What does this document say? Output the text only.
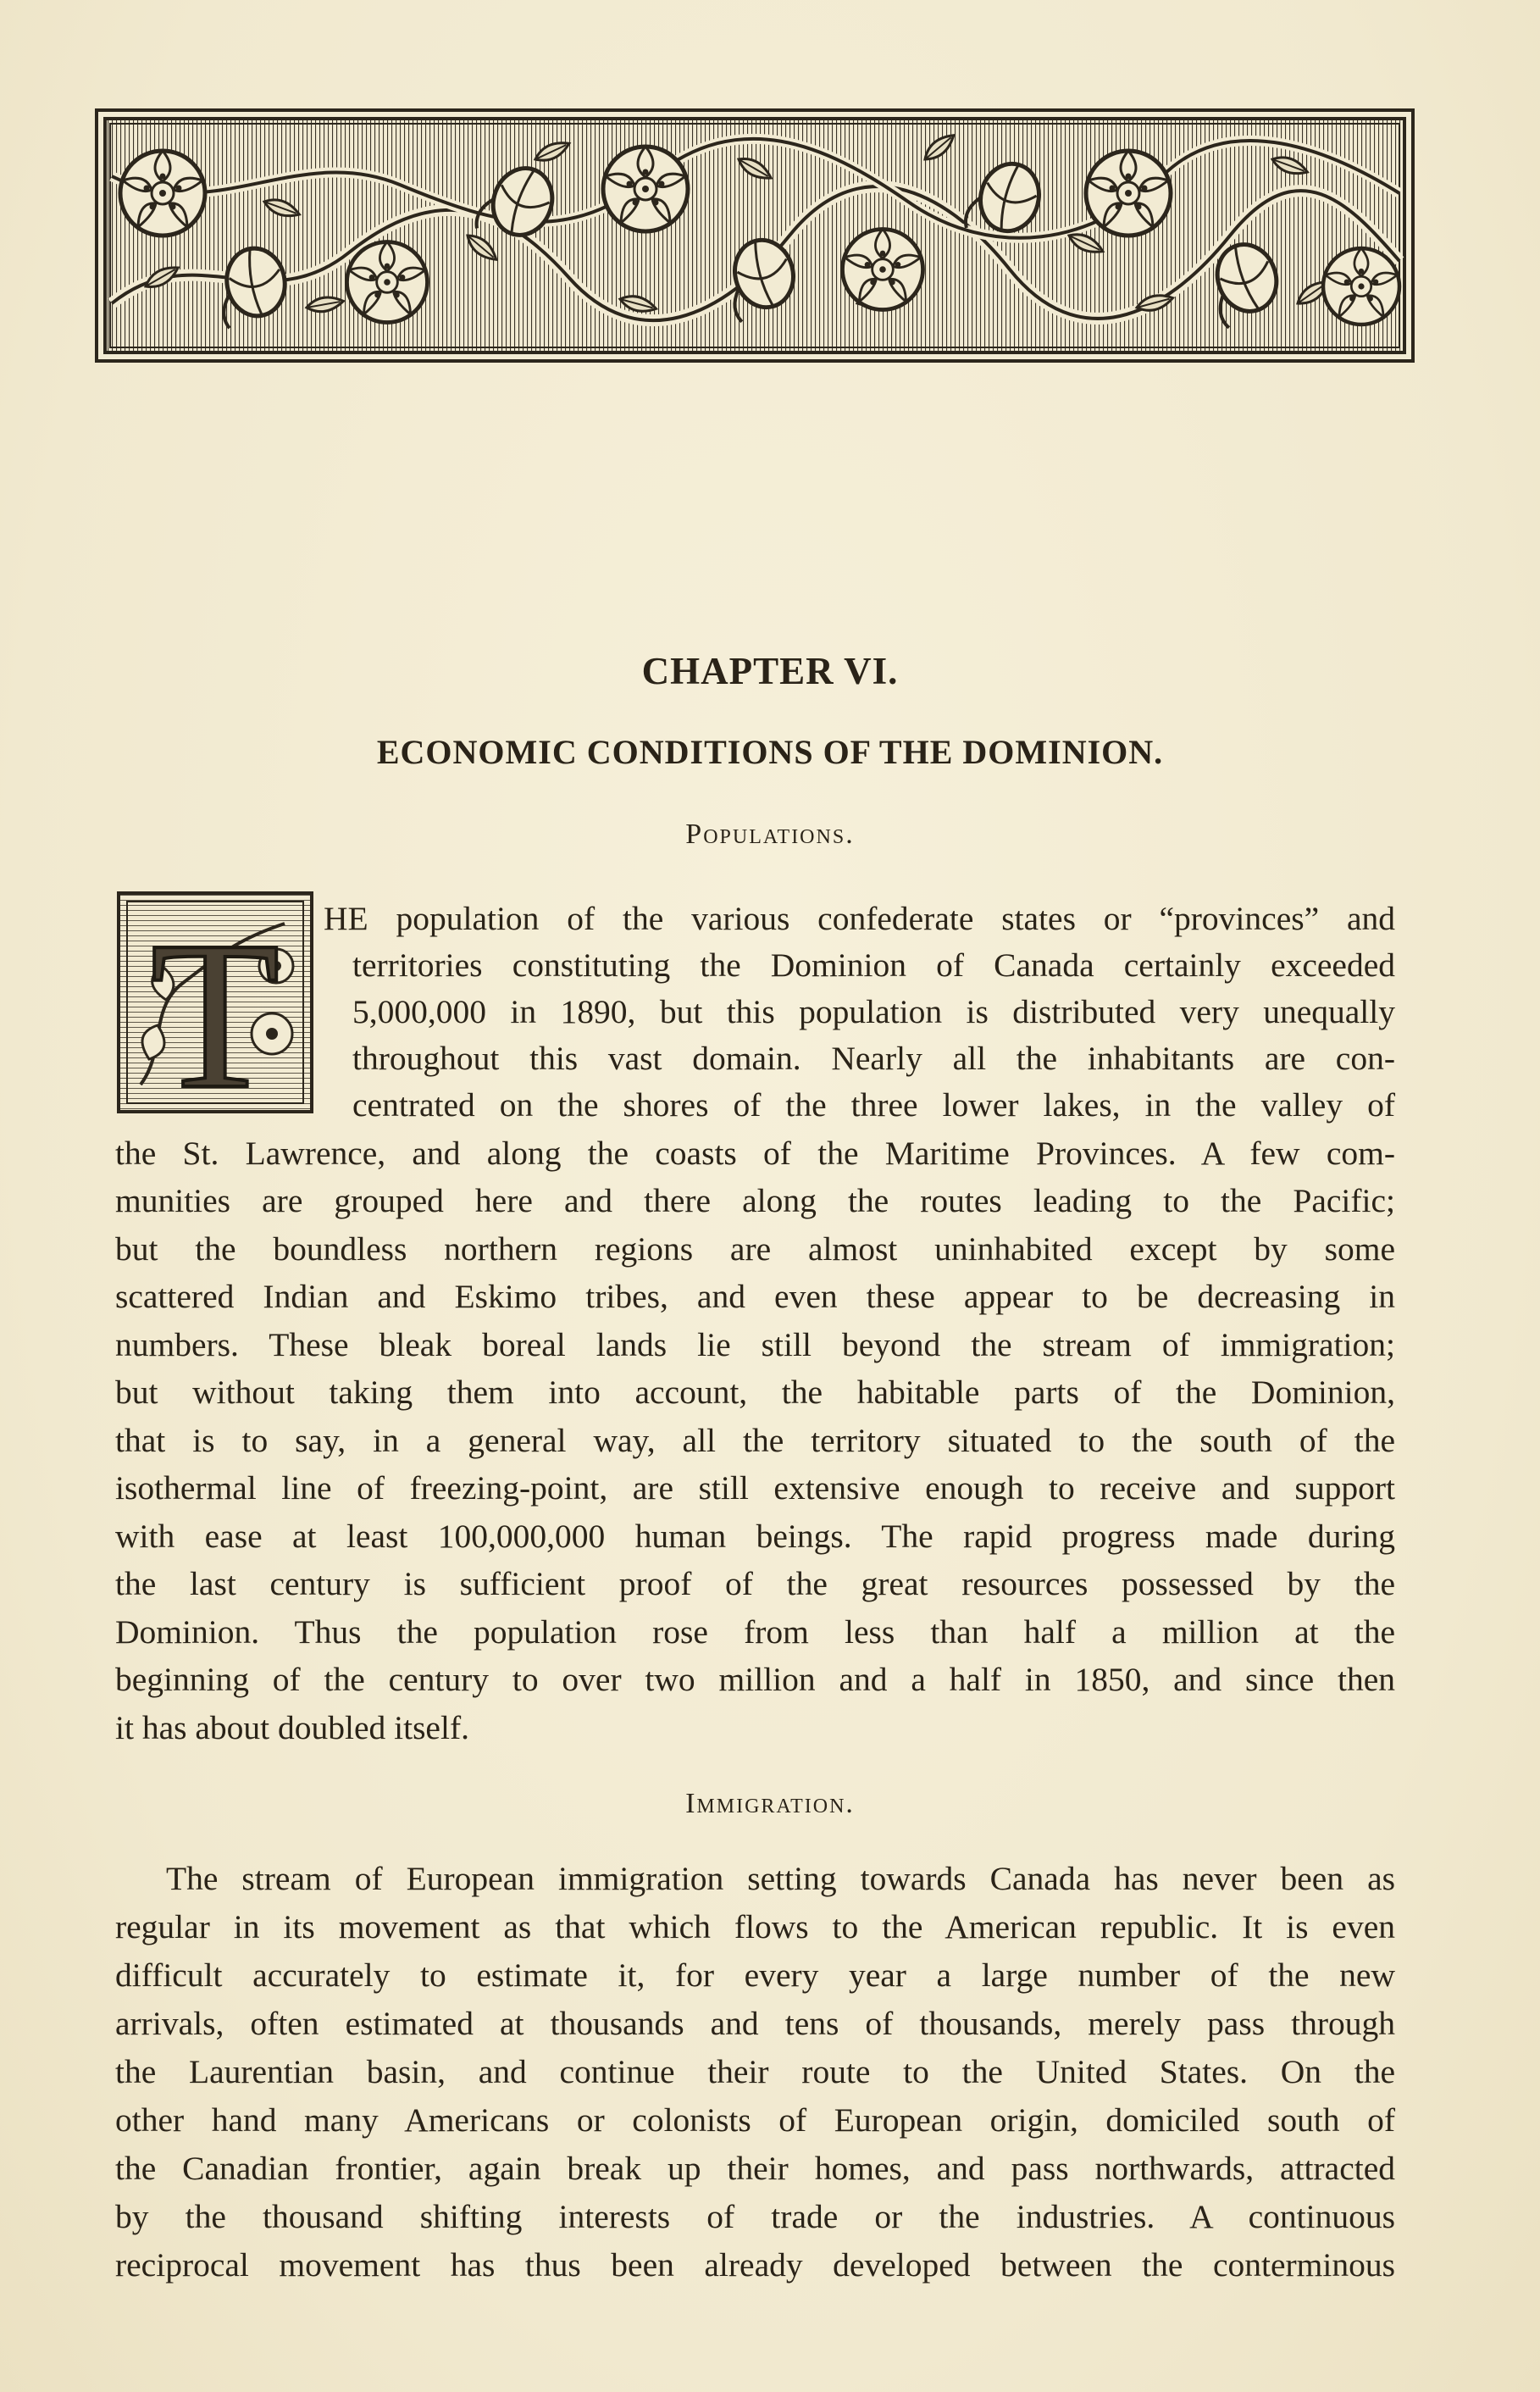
CHAPTER VI.
ECONOMIC CONDITIONS OF THE DOMINION.
Populations.
T HE population of the various confederate states or “provinces” and
territories constituting the Dominion of Canada certainly exceeded
5,000,000 in 1890, but this population is distributed very unequally
throughout this vast domain. Nearly all the inhabitants are con-
centrated on the shores of the three lower lakes, in the valley of
the St. Lawrence, and along the coasts of the Maritime Provinces. A few com-
munities are grouped here and there along the routes leading to the Pacific;
but the boundless northern regions are almost uninhabited except by some
scattered Indian and Eskimo tribes, and even these appear to be decreasing in
numbers. These bleak boreal lands lie still beyond the stream of immigration;
but without taking them into account, the habitable parts of the Dominion,
that is to say, in a general way, all the territory situated to the south of the
isothermal line of freezing-point, are still extensive enough to receive and support
with ease at least 100,000,000 human beings. The rapid progress made during
the last century is sufficient proof of the great resources possessed by the
Dominion. Thus the population rose from less than half a million at the
beginning of the century to over two million and a half in 1850, and since then
it has about doubled itself.
Immigration.
The stream of European immigration setting towards Canada has never been as
regular in its movement as that which flows to the American republic. It is even
difficult accurately to estimate it, for every year a large number of the new
arrivals, often estimated at thousands and tens of thousands, merely pass through
the Laurentian basin, and continue their route to the United States. On the
other hand many Americans or colonists of European origin, domiciled south of
the Canadian frontier, again break up their homes, and pass northwards, attracted
by the thousand shifting interests of trade or the industries. A continuous
reciprocal movement has thus been already developed between the conterminous
